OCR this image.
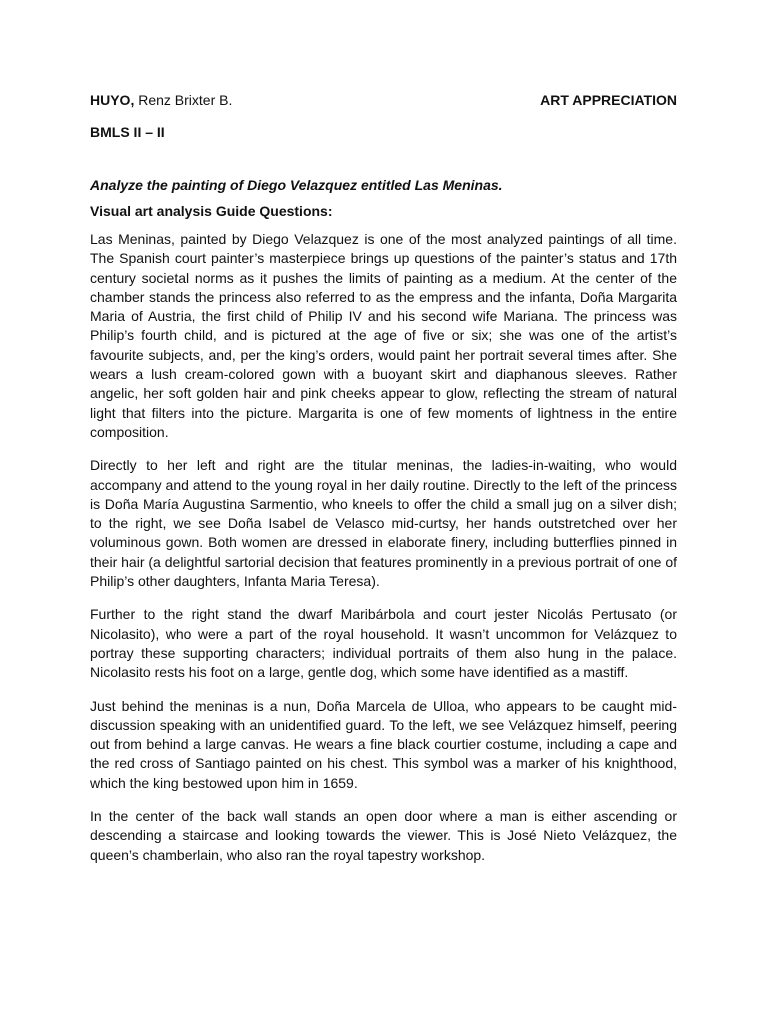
HUYO, Renz Brixter B.	ART APPRECIATION
BMLS II – II
Analyze the painting of Diego Velazquez entitled Las Meninas.
Visual art analysis Guide Questions:

Las Meninas, painted by Diego Velazquez is one of the most analyzed paintings of all time. The Spanish court painter’s masterpiece brings up questions of the painter’s status and 17th century societal norms as it pushes the limits of painting as a medium. At the center of the chamber stands the princess also referred to as the empress and the infanta, Doña Margarita Maria of Austria, the first child of Philip IV and his second wife Mariana. The princess was Philip’s fourth child, and is pictured at the age of five or six; she was one of the artist’s favourite subjects, and, per the king’s orders, would paint her portrait several times after. She wears a lush cream-colored gown with a buoyant skirt and diaphanous sleeves. Rather angelic, her soft golden hair and pink cheeks appear to glow, reflecting the stream of natural light that filters into the picture. Margarita is one of few moments of lightness in the entire composition.

Directly to her left and right are the titular meninas, the ladies-in-waiting, who would accompany and attend to the young royal in her daily routine. Directly to the left of the princess is Doña María Augustina Sarmentio, who kneels to offer the child a small jug on a silver dish; to the right, we see Doña Isabel de Velasco mid-curtsy, her hands outstretched over her voluminous gown. Both women are dressed in elaborate finery, including butterflies pinned in their hair (a delightful sartorial decision that features prominently in a previous portrait of one of Philip’s other daughters, Infanta Maria Teresa).

Further to the right stand the dwarf Maribárbola and court jester Nicolás Pertusato (or Nicolasito), who were a part of the royal household. It wasn’t uncommon for Velázquez to portray these supporting characters; individual portraits of them also hung in the palace. Nicolasito rests his foot on a large, gentle dog, which some have identified as a mastiff.

Just behind the meninas is a nun, Doña Marcela de Ulloa, who appears to be caught mid-discussion speaking with an unidentified guard. To the left, we see Velázquez himself, peering out from behind a large canvas. He wears a fine black courtier costume, including a cape and the red cross of Santiago painted on his chest. This symbol was a marker of his knighthood, which the king bestowed upon him in 1659.

In the center of the back wall stands an open door where a man is either ascending or descending a staircase and looking towards the viewer. This is José Nieto Velázquez, the queen’s chamberlain, who also ran the royal tapestry workshop.
